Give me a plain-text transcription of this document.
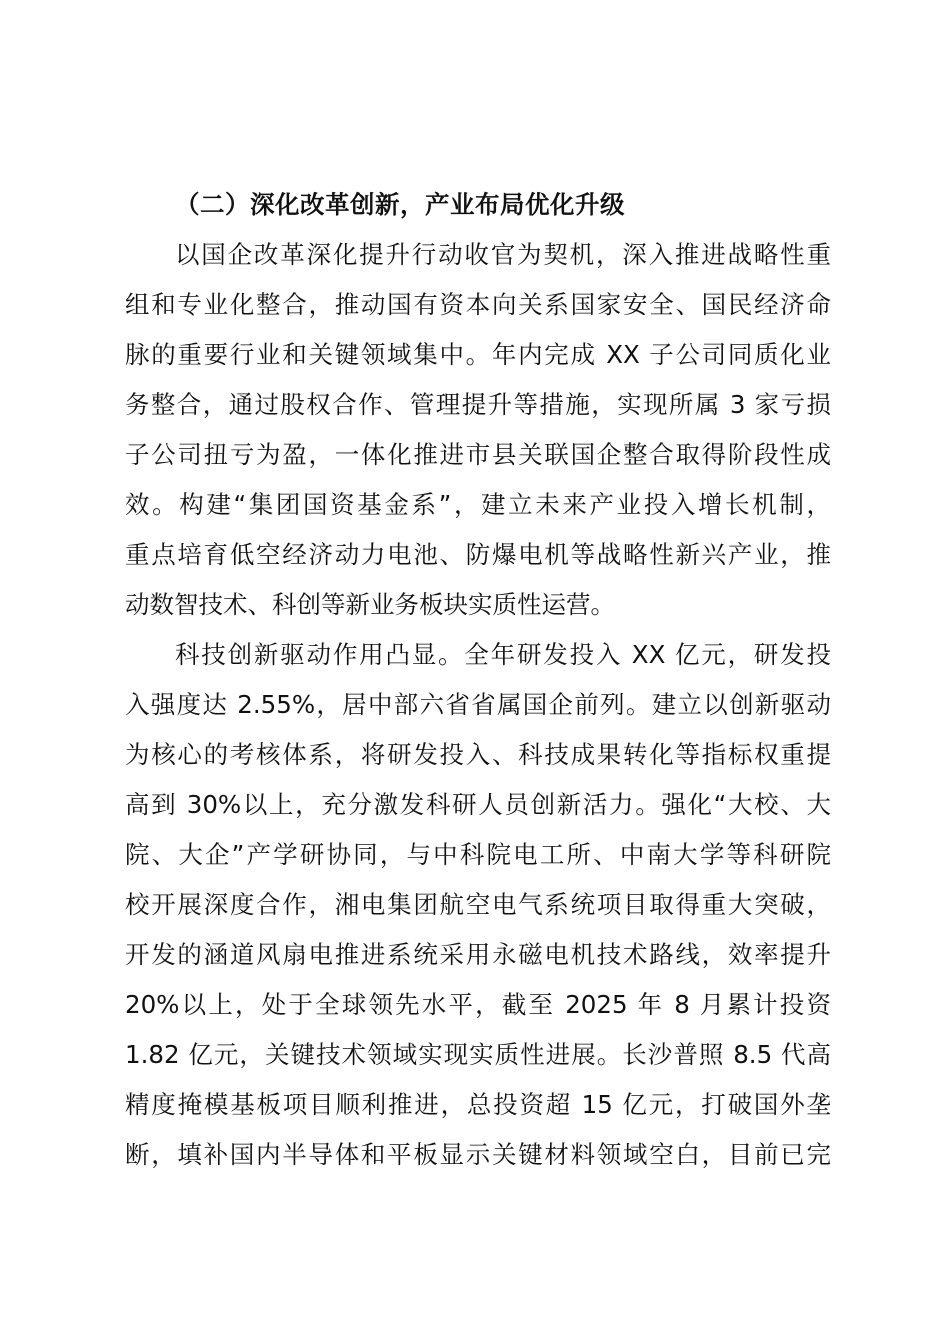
（二）深化改革创新，产业布局优化升级
以国企改革深化提升行动收官为契机，深入推进战略性重
组和专业化整合，推动国有资本向关系国家安全、国民经济命
脉的重要行业和关键领域集中。年内完成 XX 子公司同质化业
务整合，通过股权合作、管理提升等措施，实现所属 3 家亏损
子公司扭亏为盈，一体化推进市县关联国企整合取得阶段性成
效。构建“集团国资基金系”，建立未来产业投入增长机制，
重点培育低空经济动力电池、防爆电机等战略性新兴产业，推
动数智技术、科创等新业务板块实质性运营。
科技创新驱动作用凸显。全年研发投入 XX 亿元，研发投
入强度达 2.55%，居中部六省省属国企前列。建立以创新驱动
为核心的考核体系，将研发投入、科技成果转化等指标权重提
高到 30%以上，充分激发科研人员创新活力。强化“大校、大
院、大企”产学研协同，与中科院电工所、中南大学等科研院
校开展深度合作，湘电集团航空电气系统项目取得重大突破，
开发的涵道风扇电推进系统采用永磁电机技术路线，效率提升
20%以上，处于全球领先水平，截至 2025 年 8 月累计投资
1.82 亿元，关键技术领域实现实质性进展。长沙普照 8.5 代高
精度掩模基板项目顺利推进，总投资超 15 亿元，打破国外垄
断，填补国内半导体和平板显示关键材料领域空白，目前已完
